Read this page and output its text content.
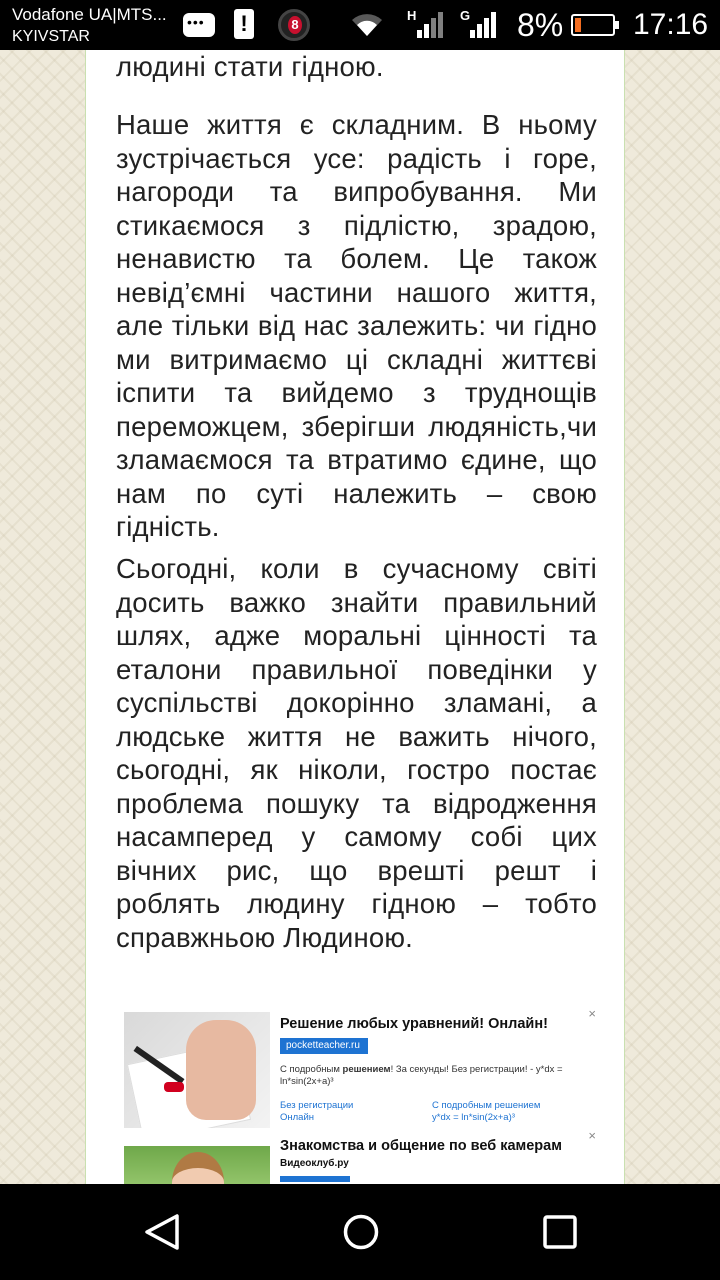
Vodafone UA|MTS...
KYIVSTAR
•••
!	8
H	G 8% 17:16

людині стати гідною.

Наше життя є складним. В ньому зустрічається усе: радість і горе, нагороди та випробування. Ми стикаємося з підлістю, зрадою, ненавистю та болем. Це також невід’ємні частини нашого життя, але тільки від нас залежить: чи гідно ми витримаємо ці складні життєві іспити та вийдемо з труднощів переможцем, зберігши людяність,чи зламаємося та втратимо єдине, що нам по суті належить – свою гідність.

Сьогодні, коли в сучасному світі досить важко знайти правильний шлях, адже моральні цінності та еталони правильної поведінки у суспільстві докорінно зламані, а людське життя не важить нічого, сьогодні, як ніколи, гостро постає проблема пошуку та відродження насамперед у самому собі цих вічних рис, що врешті решт і роблять людину гідною – тобто справжньою Людиною.

Решение любых уравнений! Онлайн!
pocketteacher.ru
С подробным решением! За секунды! Без регистрации! - y*dx = ln*sin(2x+a)³
Без регистрации
Онлайн
С подробным решением
y*dx = ln*sin(2x+a)³
×
Знакомства и общение по веб камерам
Видеоклуб.ру
×
